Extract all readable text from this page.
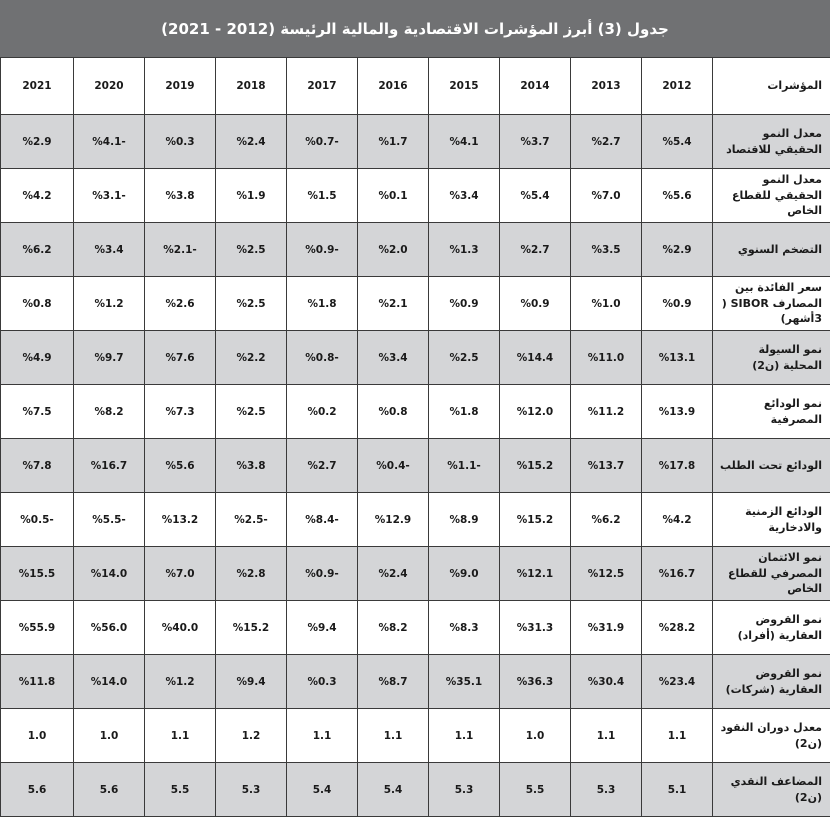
جدول (3) أبرز المؤشرات الاقتصادية والمالية الرئيسة (2012 - 2021)
المؤشرات	2012	2013	2014	2015	2016	2017	2018	2019	2020	2021
معدل النمو الحقيقي للاقتصاد	%5.4	%2.7	%3.7	%4.1	%1.7	%0.7-	%2.4	%0.3	%4.1-	%2.9
معدل النمو الحقيقي للقطاع الخاص	%5.6	%7.0	%5.4	%3.4	%0.1	%1.5	%1.9	%3.8	%3.1-	%4.2
التضخم السنوي	%2.9	%3.5	%2.7	%1.3	%2.0	%0.9-	%2.5	%2.1-	%3.4	%6.2
سعر الفائدة بين المصارف SIBOR ( 3أشهر)	%0.9	%1.0	%0.9	%0.9	%2.1	%1.8	%2.5	%2.6	%1.2	%0.8
نمو السيولة المحلية (ن2)	%13.1	%11.0	%14.4	%2.5	%3.4	%0.8-	%2.2	%7.6	%9.7	%4.9
نمو الودائع المصرفية	%13.9	%11.2	%12.0	%1.8	%0.8	%0.2	%2.5	%7.3	%8.2	%7.5
الودائع تحت الطلب	%17.8	%13.7	%15.2	%1.1-	%0.4-	%2.7	%3.8	%5.6	%16.7	%7.8
الودائع الزمنية والادخارية	%4.2	%6.2	%15.2	%8.9	%12.9	%8.4-	%2.5-	%13.2	%5.5-	%0.5-
نمو الائتمان المصرفي للقطاع الخاص	%16.7	%12.5	%12.1	%9.0	%2.4	%0.9-	%2.8	%7.0	%14.0	%15.5
نمو القروض العقارية (أفراد)	%28.2	%31.9	%31.3	%8.3	%8.2	%9.4	%15.2	%40.0	%56.0	%55.9
نمو القروض العقارية (شركات)	%23.4	%30.4	%36.3	%35.1	%8.7	%0.3	%9.4	%1.2	%14.0	%11.8
معدل دوران النقود (ن2)	1.1	1.1	1.0	1.1	1.1	1.1	1.2	1.1	1.0	1.0
المضاعف النقدي (ن2)	5.1	5.3	5.5	5.3	5.4	5.4	5.3	5.5	5.6	5.6
